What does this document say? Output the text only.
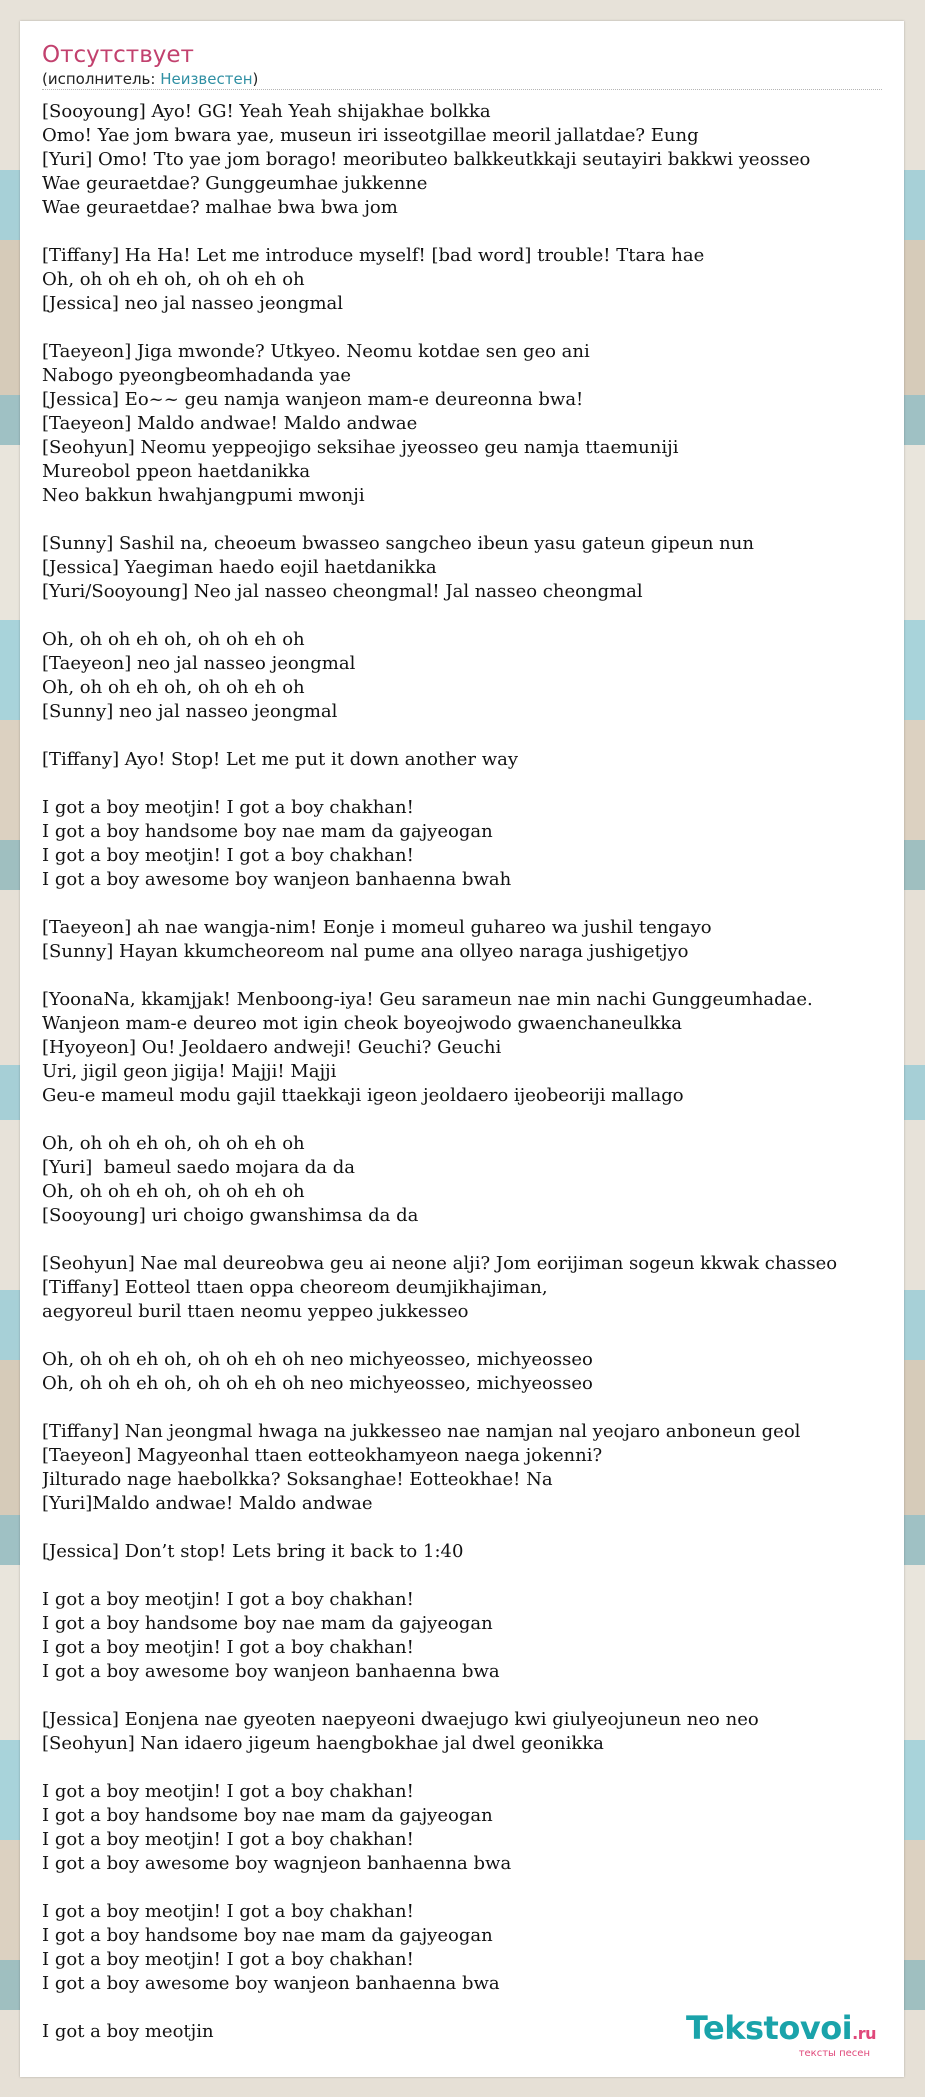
Отсутствует
(исполнитель: Неизвестен)
[Sooyoung] Ayo! GG! Yeah Yeah shijakhae bolkka
Omo! Yae jom bwara yae, museun iri isseotgillae meoril jallatdae? Eung
[Yuri] Omo! Tto yae jom borago! meoributeo balkkeutkkaji seutayiri bakkwi yeosseo
Wae geuraetdae? Gunggeumhae jukkenne
Wae geuraetdae? malhae bwa bwa jom
[Tiffany] Ha Ha! Let me introduce myself! [bad word] trouble! Ttara hae
Oh, oh oh eh oh, oh oh eh oh
[Jessica] neo jal nasseo jeongmal
[Taeyeon] Jiga mwonde? Utkyeo. Neomu kotdae sen geo ani
Nabogo pyeongbeomhadanda yae
[Jessica] Eo~~ geu namja wanjeon mam-e deureonna bwa!
[Taeyeon] Maldo andwae! Maldo andwae
[Seohyun] Neomu yeppeojigo seksihae jyeosseo geu namja ttaemuniji
Mureobol ppeon haetdanikka
Neo bakkun hwahjangpumi mwonji
[Sunny] Sashil na, cheoeum bwasseo sangcheo ibeun yasu gateun gipeun nun
[Jessica] Yaegiman haedo eojil haetdanikka
[Yuri/Sooyoung] Neo jal nasseo cheongmal! Jal nasseo cheongmal
Oh, oh oh eh oh, oh oh eh oh
[Taeyeon] neo jal nasseo jeongmal
Oh, oh oh eh oh, oh oh eh oh
[Sunny] neo jal nasseo jeongmal
[Tiffany] Ayo! Stop! Let me put it down another way
I got a boy meotjin! I got a boy chakhan!
I got a boy handsome boy nae mam da gajyeogan
I got a boy meotjin! I got a boy chakhan!
I got a boy awesome boy wanjeon banhaenna bwah
[Taeyeon] ah nae wangja-nim! Eonje i momeul guhareo wa jushil tengayo
[Sunny] Hayan kkumcheoreom nal pume ana ollyeo naraga jushigetjyo
[YoonaNa, kkamjjak! Menboong-iya! Geu sarameun nae min nachi Gunggeumhadae.
Wanjeon mam-e deureo mot igin cheok boyeojwodo gwaenchaneulkka
[Hyoyeon] Ou! Jeoldaero andweji! Geuchi? Geuchi
Uri, jigil geon jigija! Majji! Majji
Geu-e mameul modu gajil ttaekkaji igeon jeoldaero ijeobeoriji mallago
Oh, oh oh eh oh, oh oh eh oh
[Yuri]  bameul saedo mojara da da
Oh, oh oh eh oh, oh oh eh oh
[Sooyoung] uri choigo gwanshimsa da da
[Seohyun] Nae mal deureobwa geu ai neone alji? Jom eorijiman sogeun kkwak chasseo
[Tiffany] Eotteol ttaen oppa cheoreom deumjikhajiman,
aegyoreul buril ttaen neomu yeppeo jukkesseo
Oh, oh oh eh oh, oh oh eh oh neo michyeosseo, michyeosseo
Oh, oh oh eh oh, oh oh eh oh neo michyeosseo, michyeosseo
[Tiffany] Nan jeongmal hwaga na jukkesseo nae namjan nal yeojaro anboneun geol
[Taeyeon] Magyeonhal ttaen eotteokhamyeon naega jokenni?
Jilturado nage haebolkka? Soksanghae! Eotteokhae! Na
[Yuri]Maldo andwae! Maldo andwae
[Jessica] Don’t stop! Lets bring it back to 1:40
I got a boy meotjin! I got a boy chakhan!
I got a boy handsome boy nae mam da gajyeogan
I got a boy meotjin! I got a boy chakhan!
I got a boy awesome boy wanjeon banhaenna bwa
[Jessica] Eonjena nae gyeoten naepyeoni dwaejugo kwi giulyeojuneun neo neo
[Seohyun] Nan idaero jigeum haengbokhae jal dwel geonikka
I got a boy meotjin! I got a boy chakhan!
I got a boy handsome boy nae mam da gajyeogan
I got a boy meotjin! I got a boy chakhan!
I got a boy awesome boy wagnjeon banhaenna bwa
I got a boy meotjin! I got a boy chakhan!
I got a boy handsome boy nae mam da gajyeogan
I got a boy meotjin! I got a boy chakhan!
I got a boy awesome boy wanjeon banhaenna bwa
I got a boy meotjin	Tekstovoi.ru
тексты песен
